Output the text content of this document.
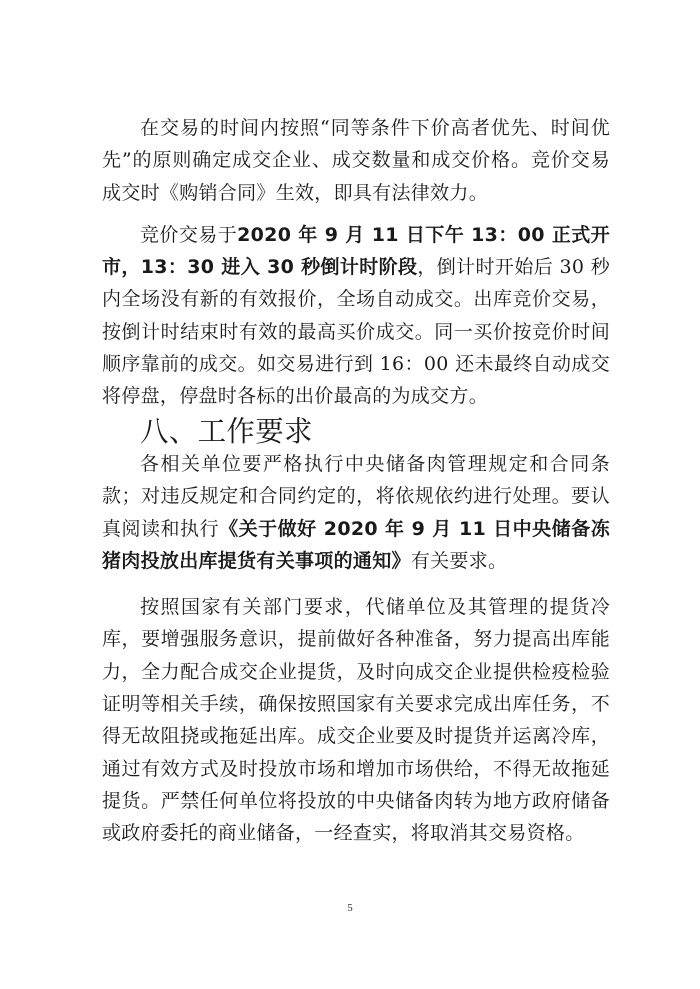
在交易的时间内按照“同等条件下价高者优先、时间优先”的原则确定成交企业、成交数量和成交价格。竞价交易成交时《购销合同》生效，即具有法律效力。

竞价交易于2020 年 9 月 11 日下午 13：00 正式开市，13：30 进入 30 秒倒计时阶段，倒计时开始后 30 秒内全场没有新的有效报价，全场自动成交。出库竞价交易，按倒计时结束时有效的最高买价成交。同一买价按竞价时间顺序靠前的成交。如交易进行到 16：00 还未最终自动成交将停盘，停盘时各标的出价最高的为成交方。

八、工作要求

各相关单位要严格执行中央储备肉管理规定和合同条款；对违反规定和合同约定的，将依规依约进行处理。要认真阅读和执行《关于做好 2020 年 9 月 11 日中央储备冻猪肉投放出库提货有关事项的通知》有关要求。

按照国家有关部门要求，代储单位及其管理的提货冷库，要增强服务意识，提前做好各种准备，努力提高出库能力，全力配合成交企业提货，及时向成交企业提供检疫检验证明等相关手续，确保按照国家有关要求完成出库任务，不得无故阻挠或拖延出库。成交企业要及时提货并运离冷库，通过有效方式及时投放市场和增加市场供给，不得无故拖延提货。严禁任何单位将投放的中央储备肉转为地方政府储备或政府委托的商业储备，一经查实，将取消其交易资格。

5
